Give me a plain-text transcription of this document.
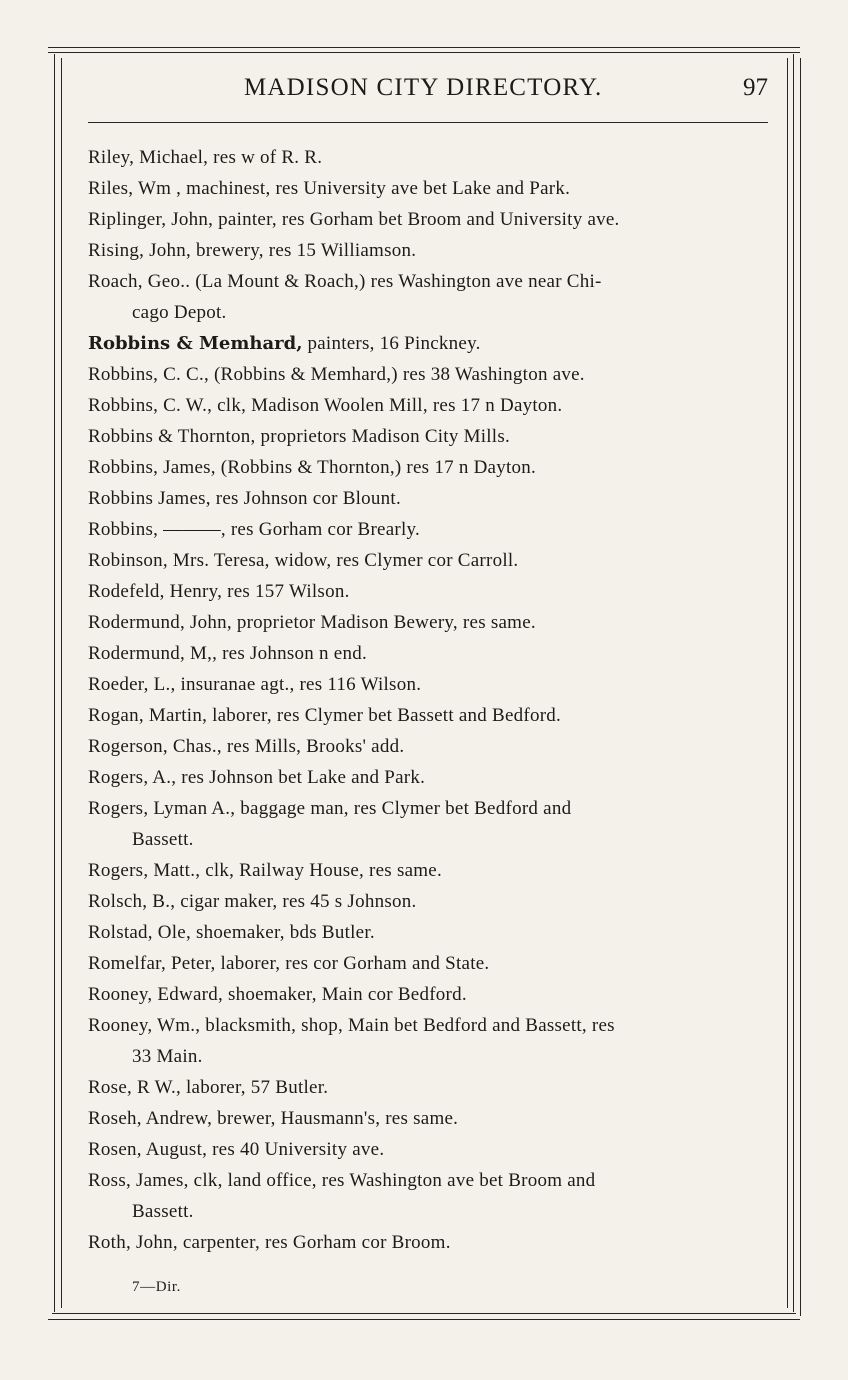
MADISON CITY DIRECTORY.	97
Riley, Michael, res w of R. R.
Riles, Wm , machinest, res University ave bet Lake and Park.
Riplinger, John, painter, res Gorham bet Broom and University ave.
Rising, John, brewery, res 15 Williamson.
Roach, Geo.. (La Mount & Roach,) res Washington ave near Chi-
cago Depot.
Robbins & Memhard, painters, 16 Pinckney.
Robbins, C. C., (Robbins & Memhard,) res 38 Washington ave.
Robbins, C. W., clk, Madison Woolen Mill, res 17 n Dayton.
Robbins & Thornton, proprietors Madison City Mills.
Robbins, James, (Robbins & Thornton,) res 17 n Dayton.
Robbins James, res Johnson cor Blount.
Robbins, ———, res Gorham cor Brearly.
Robinson, Mrs. Teresa, widow, res Clymer cor Carroll.
Rodefeld, Henry, res 157 Wilson.
Rodermund, John, proprietor Madison Bewery, res same.
Rodermund, M,, res Johnson n end.
Roeder, L., insuranae agt., res 116 Wilson.
Rogan, Martin, laborer, res Clymer bet Bassett and Bedford.
Rogerson, Chas., res Mills, Brooks' add.
Rogers, A., res Johnson bet Lake and Park.
Rogers, Lyman A., baggage man, res Clymer bet Bedford and
Bassett.
Rogers, Matt., clk, Railway House, res same.
Rolsch, B., cigar maker, res 45 s Johnson.
Rolstad, Ole, shoemaker, bds Butler.
Romelfar, Peter, laborer, res cor Gorham and State.
Rooney, Edward, shoemaker, Main cor Bedford.
Rooney, Wm., blacksmith, shop, Main bet Bedford and Bassett, res
33 Main.
Rose, R W., laborer, 57 Butler.
Roseh, Andrew, brewer, Hausmann's, res same.
Rosen, August, res 40 University ave.
Ross, James, clk, land office, res Washington ave bet Broom and
Bassett.
Roth, John, carpenter, res Gorham cor Broom.
7—Dir.
